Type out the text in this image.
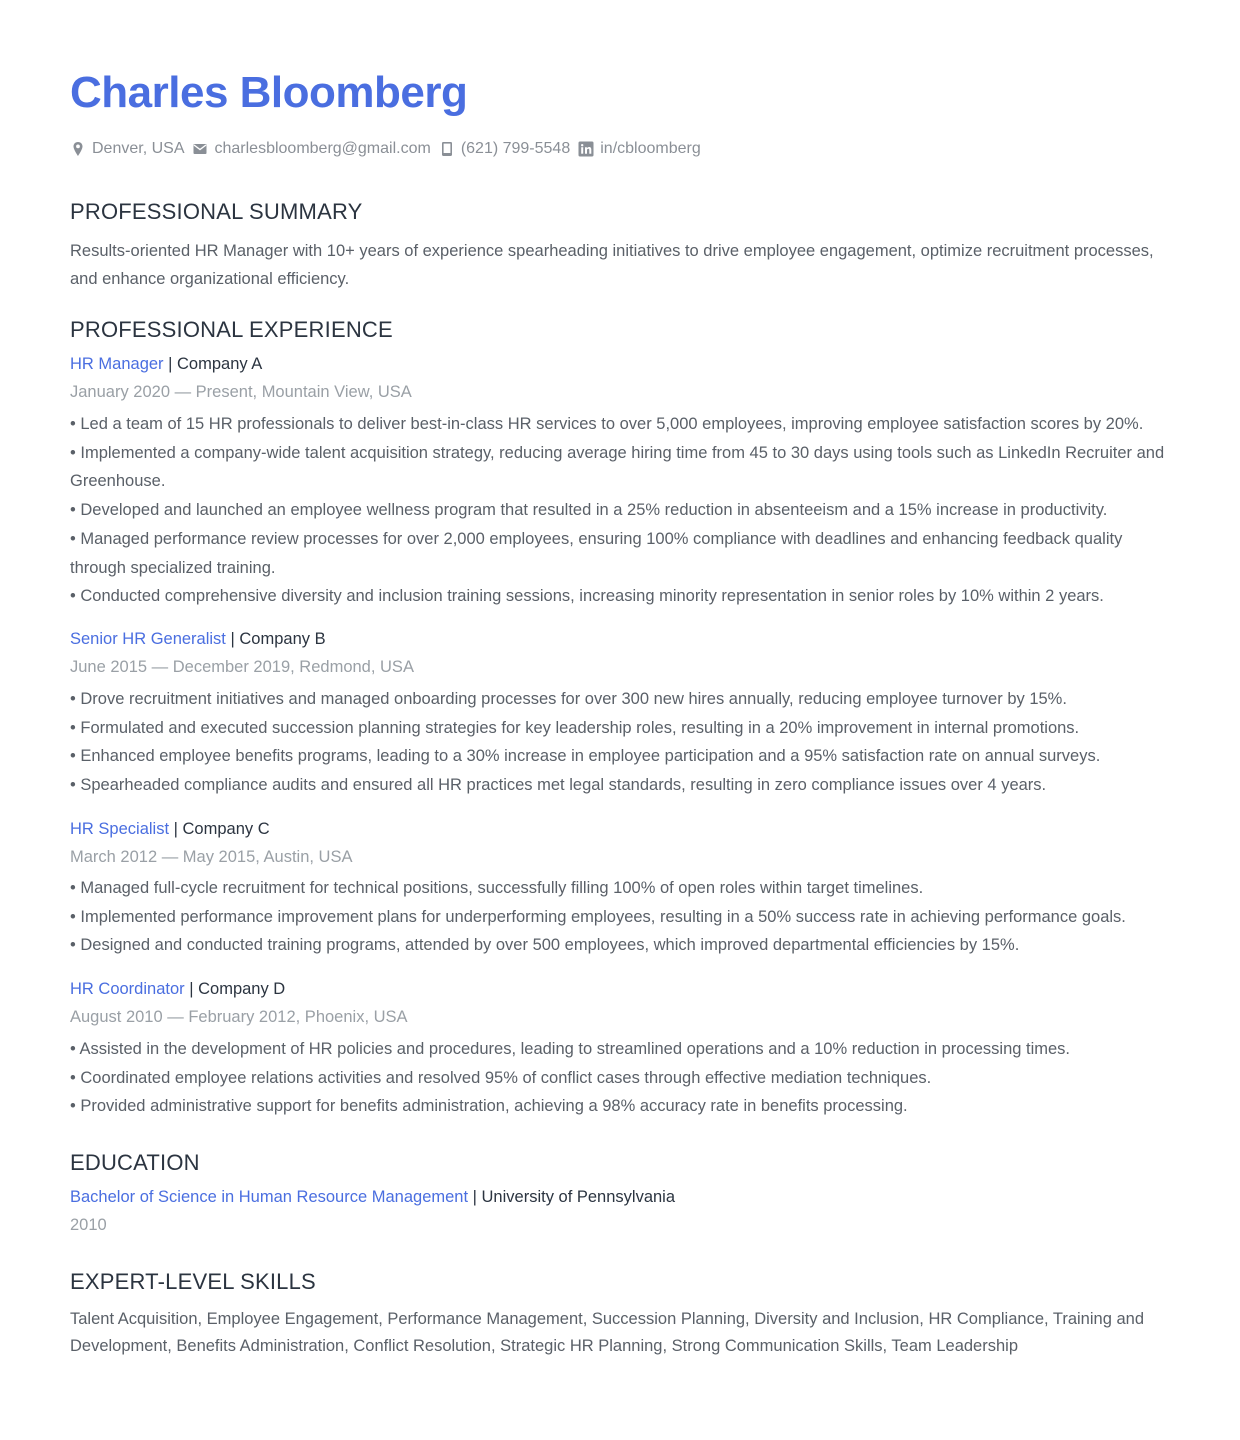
Charles Bloomberg
Denver, USA charlesbloomberg@gmail.com (621) 799-5548 in/cbloomberg
PROFESSIONAL SUMMARY

Results-oriented HR Manager with 10+ years of experience spearheading initiatives to drive employee engagement, optimize recruitment processes, and enhance organizational efficiency.

PROFESSIONAL EXPERIENCE
HR Manager | Company A
January 2020 — Present, Mountain View, USA
• Led a team of 15 HR professionals to deliver best-in-class HR services to over 5,000 employees, improving employee satisfaction scores by 20%.
• Implemented a company-wide talent acquisition strategy, reducing average hiring time from 45 to 30 days using tools such as LinkedIn Recruiter and Greenhouse.
• Developed and launched an employee wellness program that resulted in a 25% reduction in absenteeism and a 15% increase in productivity.
• Managed performance review processes for over 2,000 employees, ensuring 100% compliance with deadlines and enhancing feedback quality through specialized training.
• Conducted comprehensive diversity and inclusion training sessions, increasing minority representation in senior roles by 10% within 2 years.
Senior HR Generalist | Company B
June 2015 — December 2019, Redmond, USA
• Drove recruitment initiatives and managed onboarding processes for over 300 new hires annually, reducing employee turnover by 15%.
• Formulated and executed succession planning strategies for key leadership roles, resulting in a 20% improvement in internal promotions.
• Enhanced employee benefits programs, leading to a 30% increase in employee participation and a 95% satisfaction rate on annual surveys.
• Spearheaded compliance audits and ensured all HR practices met legal standards, resulting in zero compliance issues over 4 years.
HR Specialist | Company C
March 2012 — May 2015, Austin, USA
• Managed full-cycle recruitment for technical positions, successfully filling 100% of open roles within target timelines.
• Implemented performance improvement plans for underperforming employees, resulting in a 50% success rate in achieving performance goals.
• Designed and conducted training programs, attended by over 500 employees, which improved departmental efficiencies by 15%.
HR Coordinator | Company D
August 2010 — February 2012, Phoenix, USA
• Assisted in the development of HR policies and procedures, leading to streamlined operations and a 10% reduction in processing times.
• Coordinated employee relations activities and resolved 95% of conflict cases through effective mediation techniques.
• Provided administrative support for benefits administration, achieving a 98% accuracy rate in benefits processing.
EDUCATION
Bachelor of Science in Human Resource Management | University of Pennsylvania
2010
EXPERT-LEVEL SKILLS

Talent Acquisition, Employee Engagement, Performance Management, Succession Planning, Diversity and Inclusion, HR Compliance, Training and Development, Benefits Administration, Conflict Resolution, Strategic HR Planning, Strong Communication Skills, Team Leadership
